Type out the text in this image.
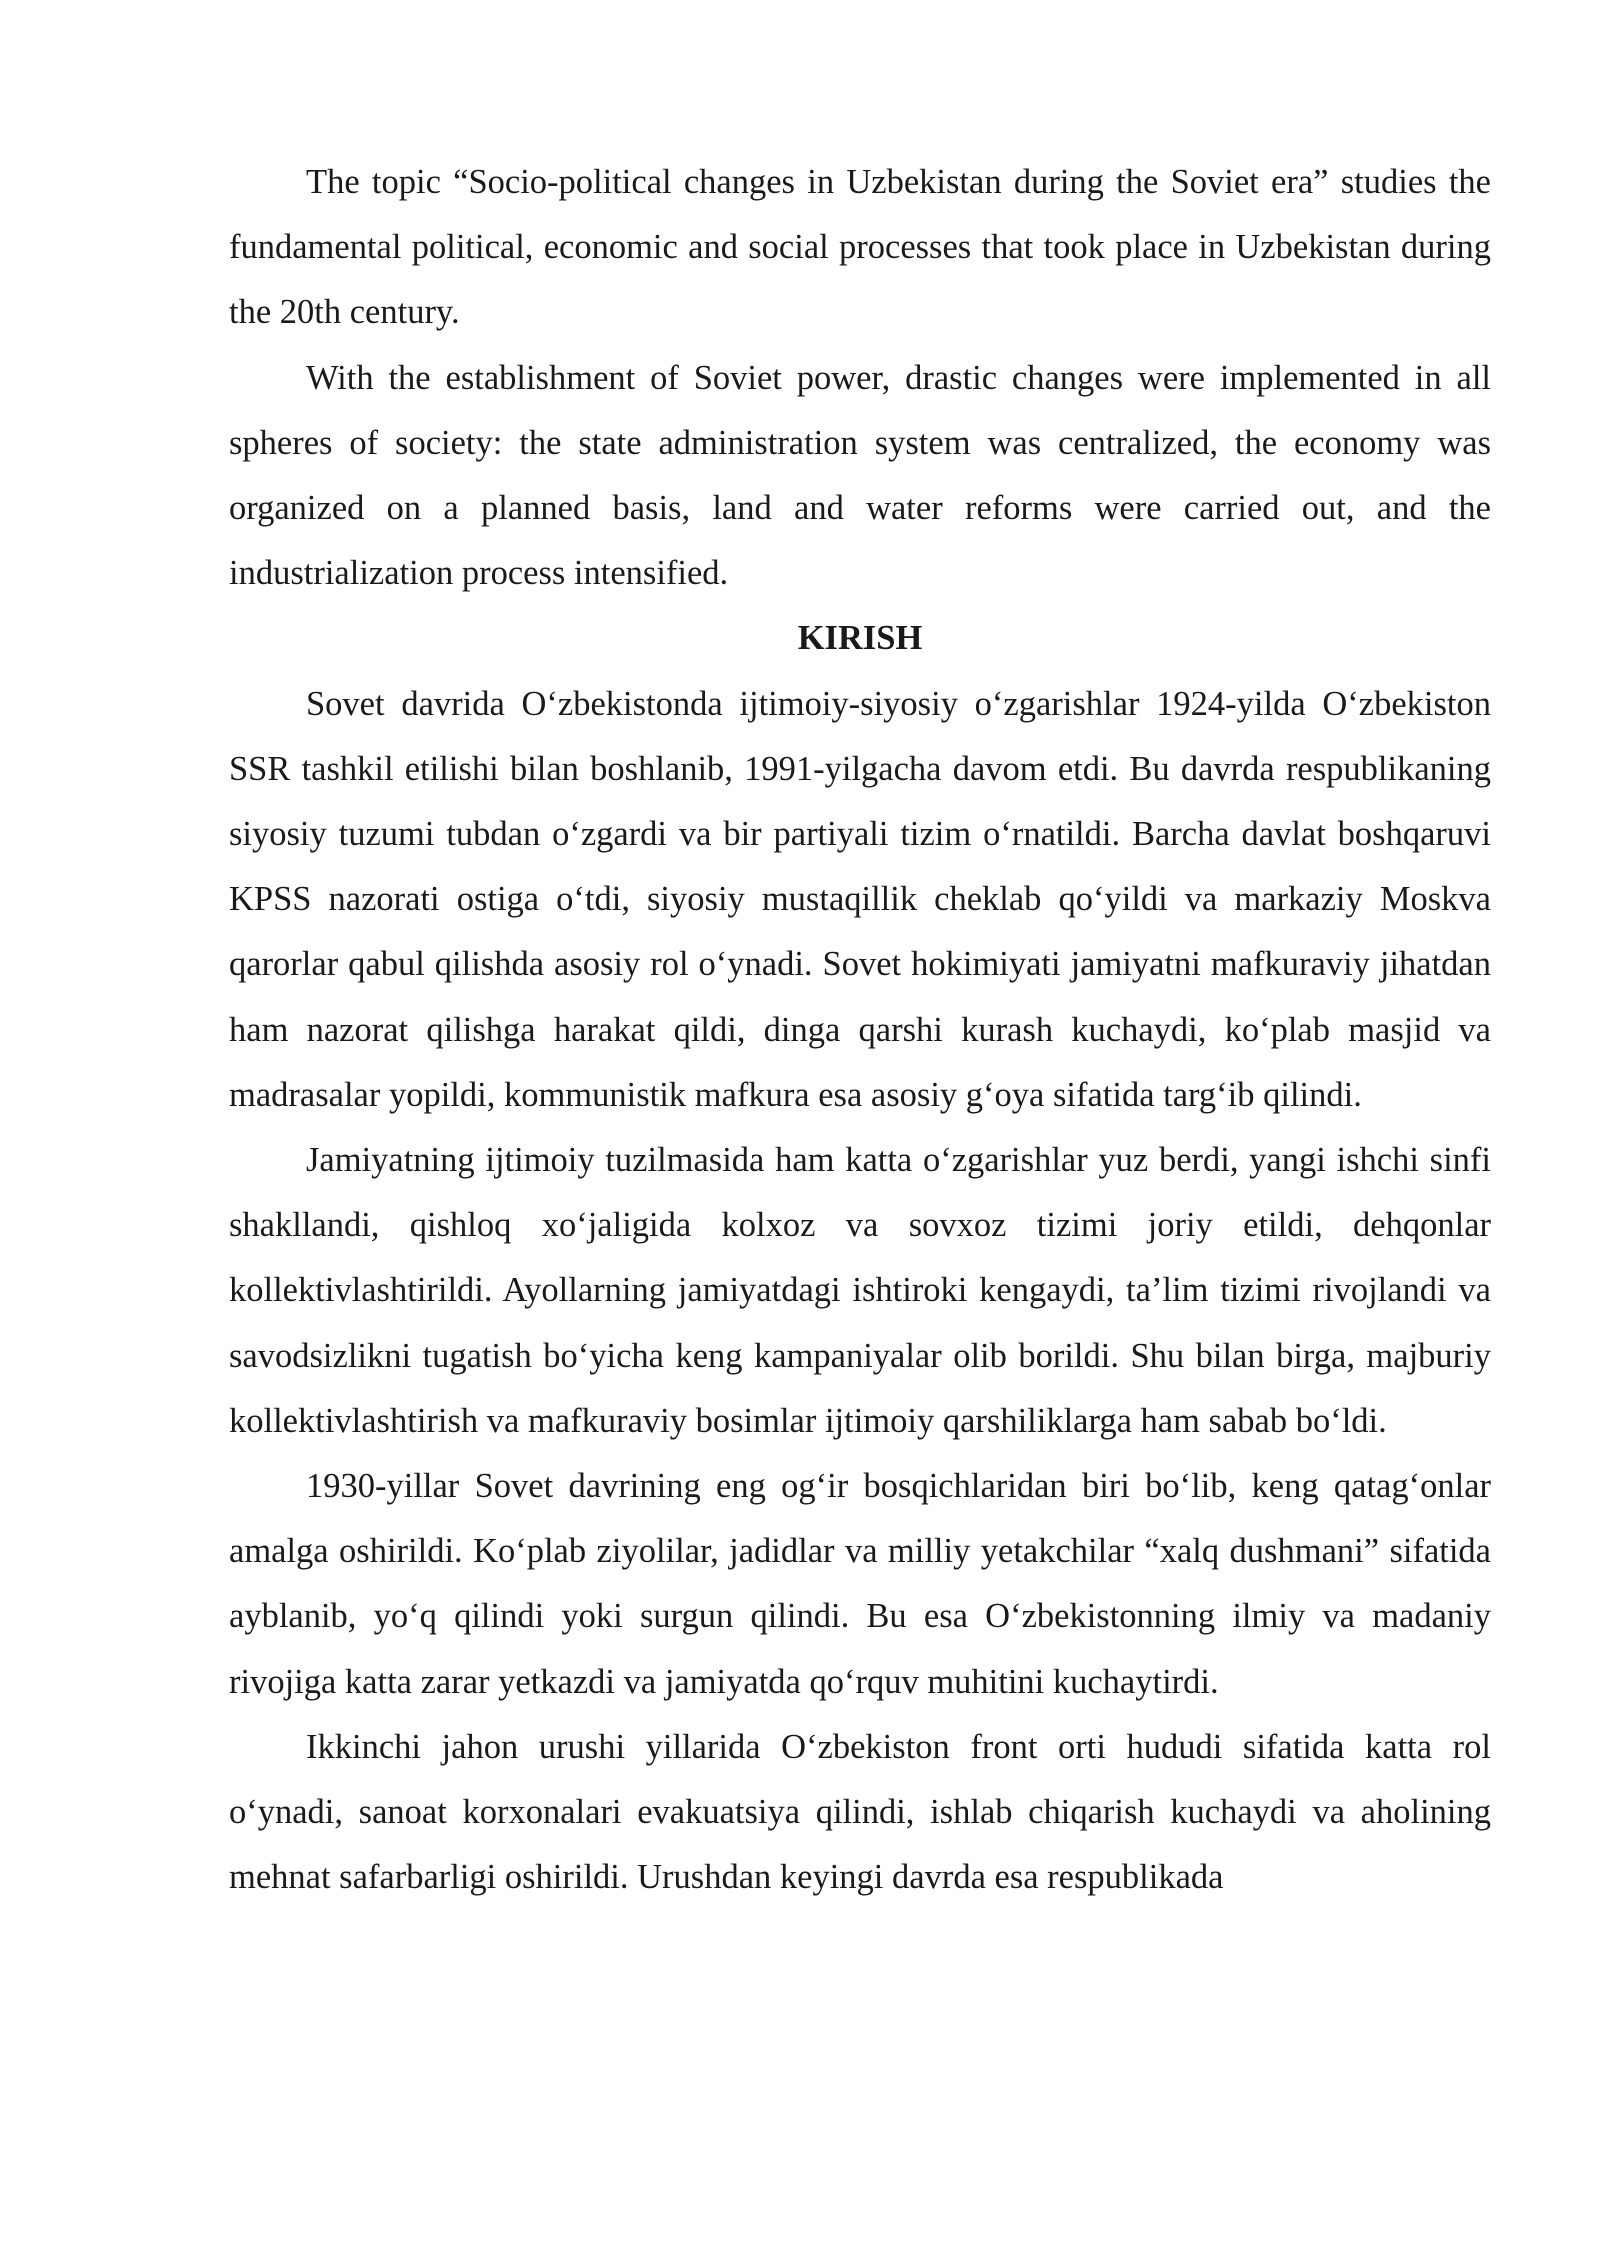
The topic “Socio-political changes in Uzbekistan during the Soviet era” studies the fundamental political, economic and social processes that took place in Uzbekistan during the 20th century.

With the establishment of Soviet power, drastic changes were implemented in all spheres of society: the state administration system was centralized, the economy was organized on a planned basis, land and water reforms were carried out, and the industrialization process intensified.

KIRISH

Sovet davrida O‘zbekistonda ijtimoiy-siyosiy o‘zgarishlar 1924-yilda O‘zbekiston SSR tashkil etilishi bilan boshlanib, 1991-yilgacha davom etdi. Bu davrda respublikaning siyosiy tuzumi tubdan o‘zgardi va bir partiyali tizim o‘rnatildi. Barcha davlat boshqaruvi KPSS nazorati ostiga o‘tdi, siyosiy mustaqillik cheklab qo‘yildi va markaziy Moskva qarorlar qabul qilishda asosiy rol o‘ynadi. Sovet hokimiyati jamiyatni mafkuraviy jihatdan ham nazorat qilishga harakat qildi, dinga qarshi kurash kuchaydi, ko‘plab masjid va madrasalar yopildi, kommunistik mafkura esa asosiy g‘oya sifatida targ‘ib qilindi.

Jamiyatning ijtimoiy tuzilmasida ham katta o‘zgarishlar yuz berdi, yangi ishchi sinfi shakllandi, qishloq xo‘jaligida kolxoz va sovxoz tizimi joriy etildi, dehqonlar kollektivlashtirildi. Ayollarning jamiyatdagi ishtiroki kengaydi, ta’lim tizimi rivojlandi va savodsizlikni tugatish bo‘yicha keng kampaniyalar olib borildi. Shu bilan birga, majburiy kollektivlashtirish va mafkuraviy bosimlar ijtimoiy qarshiliklarga ham sabab bo‘ldi.

1930-yillar Sovet davrining eng og‘ir bosqichlaridan biri bo‘lib, keng qatag‘onlar amalga oshirildi. Ko‘plab ziyolilar, jadidlar va milliy yetakchilar “xalq dushmani” sifatida ayblanib, yo‘q qilindi yoki surgun qilindi. Bu esa O‘zbekistonning ilmiy va madaniy rivojiga katta zarar yetkazdi va jamiyatda qo‘rquv muhitini kuchaytirdi.

Ikkinchi jahon urushi yillarida O‘zbekiston front orti hududi sifatida katta rol o‘ynadi, sanoat korxonalari evakuatsiya qilindi, ishlab chiqarish kuchaydi va aholining mehnat safarbarligi oshirildi. Urushdan keyingi davrda esa respublikada
